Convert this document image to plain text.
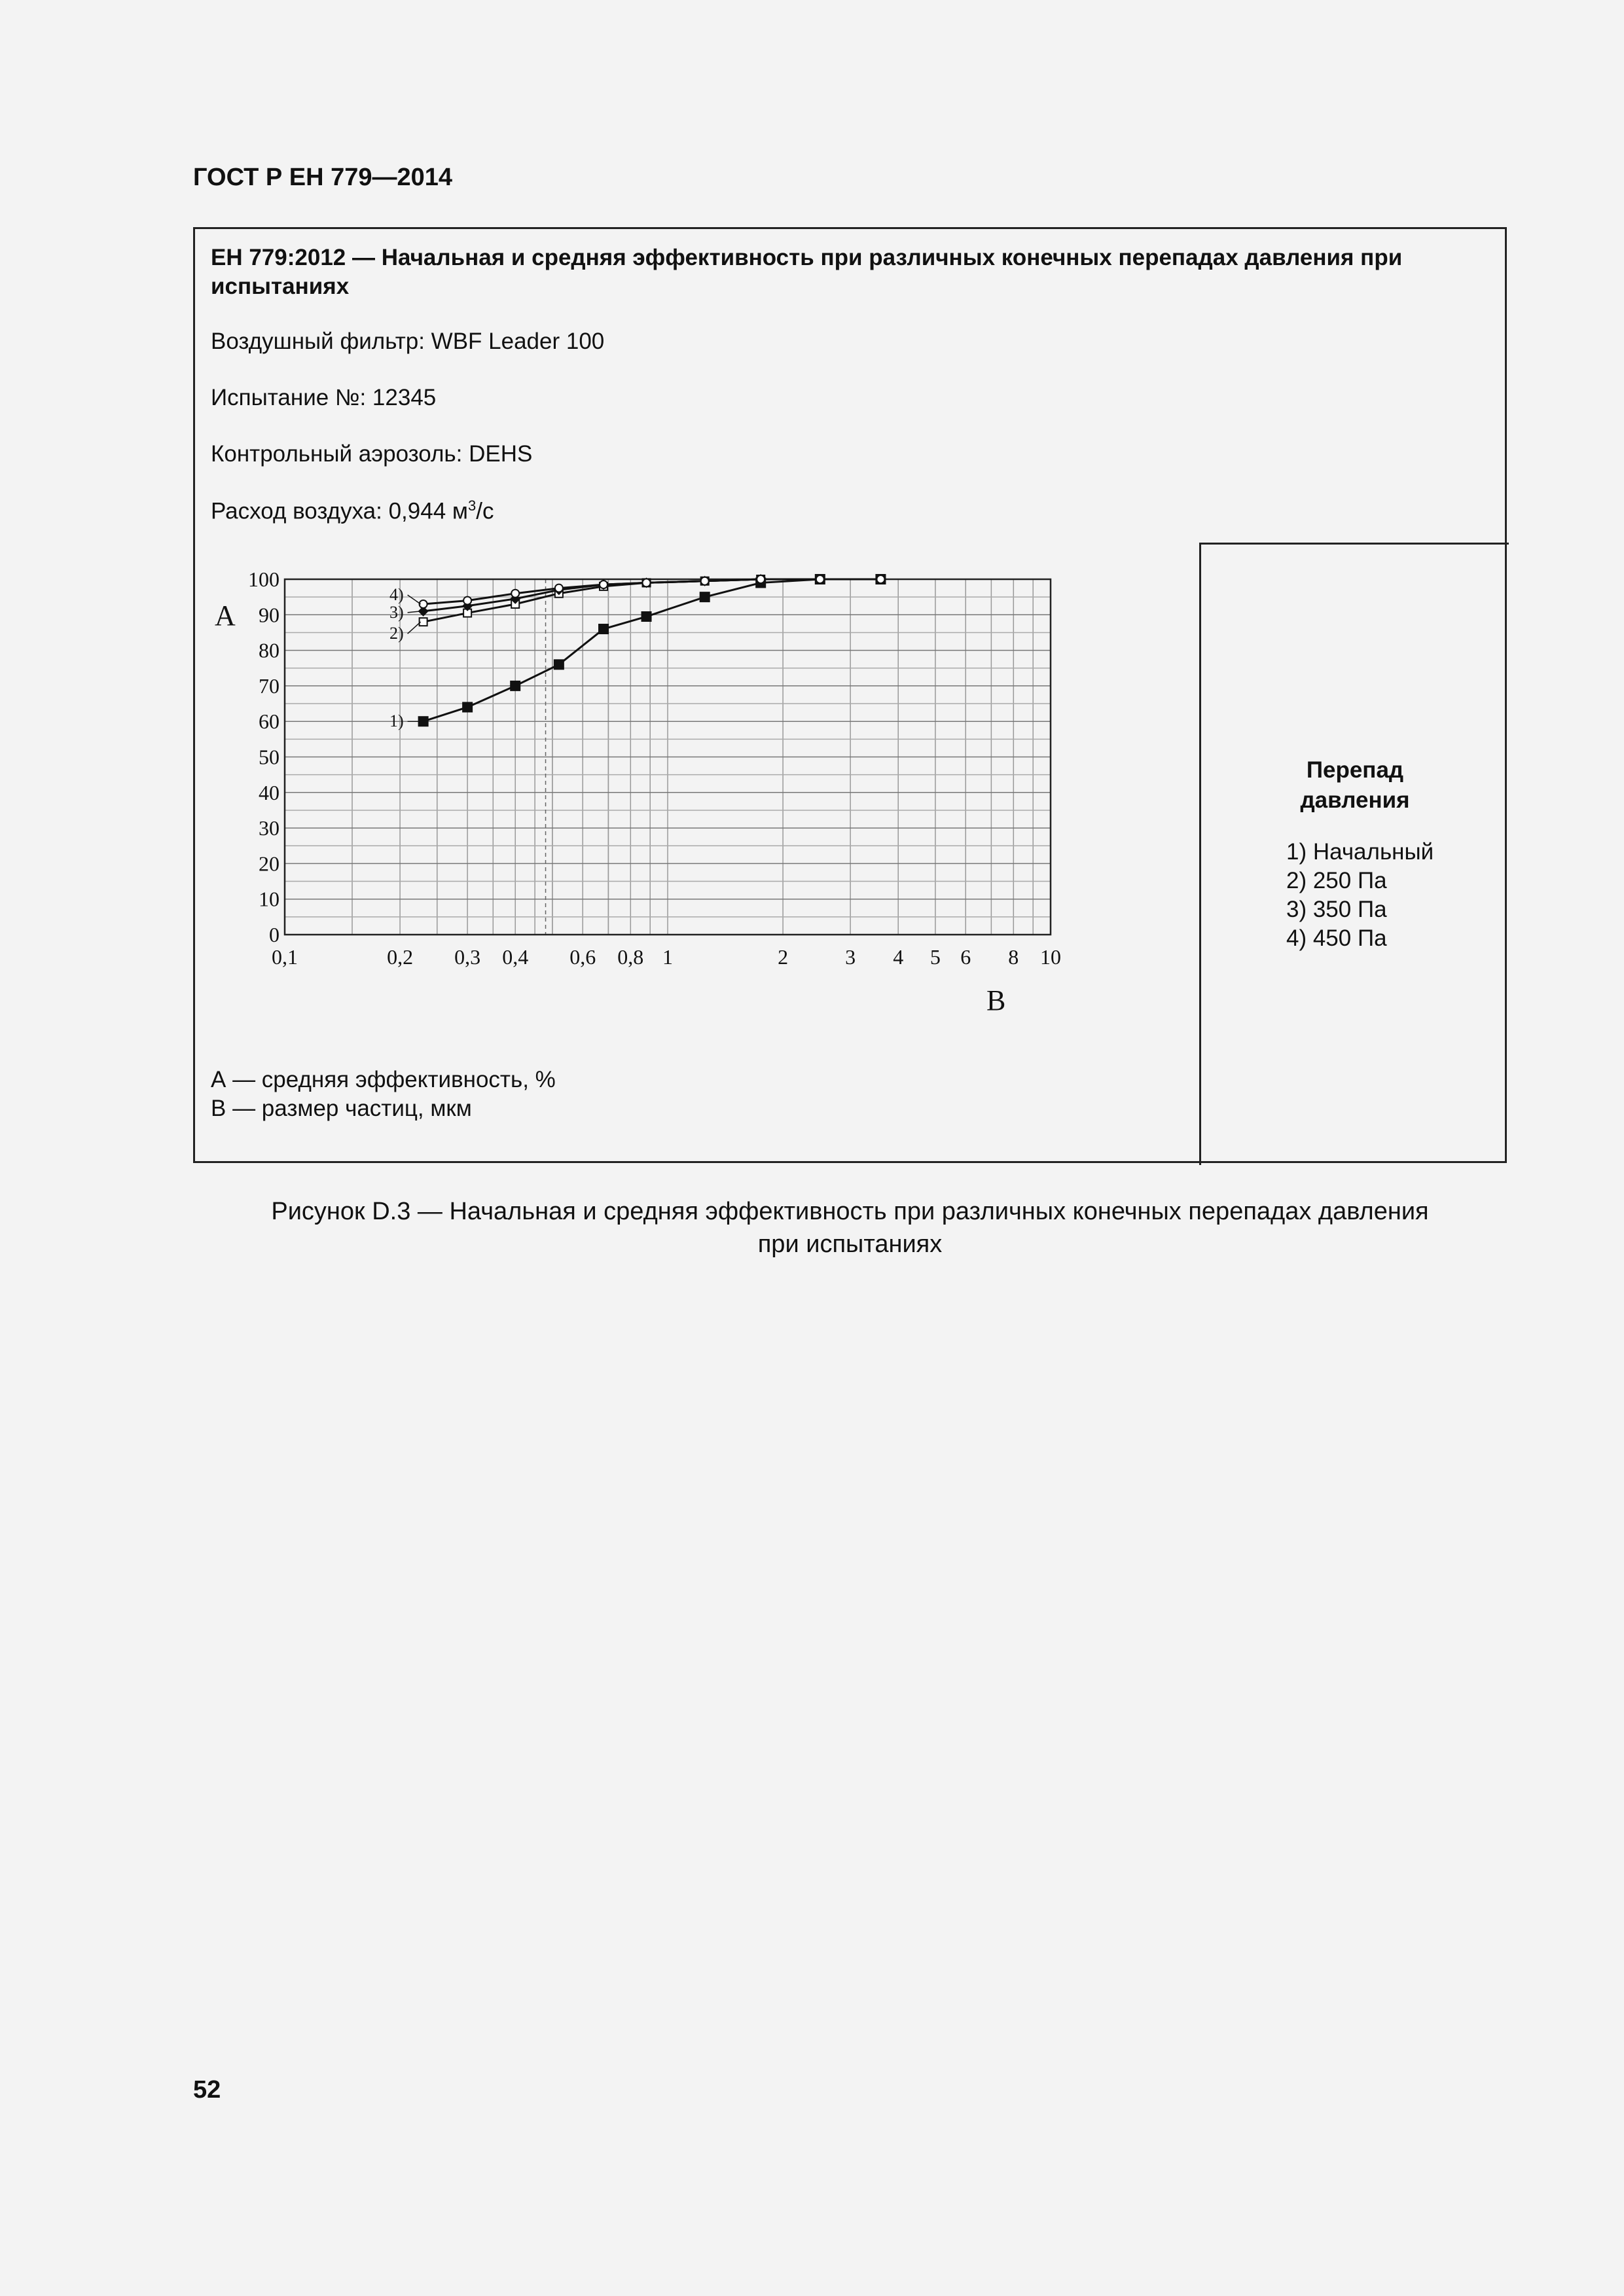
ГОСТ Р ЕН 779—2014
ЕН 779:2012 — Начальная и средняя эффективность при различных конечных перепадах давления при испытаниях
Воздушный фильтр: WBF Leader 100
Испытание №: 12345
Контрольный аэрозоль: DEHS
Расход воздуха: 0,944 $м^3/с$
Перепад
давления
1) Начальный
2) 250 Па
3) 350 Па
4) 450 Па
А — средняя эффективность, %
В — размер частиц, мкм
0
10
20
30
40
50
60
70
80
90
100
0,1	0,2 0,3 0,4 0,6 0,8 1	2	3 4 5 6 8 10
А
В
1)
2)
3)
4)
Рисунок D.3 — Начальная и средняя эффективность при различных конечных перепадах давления
при испытаниях
52
